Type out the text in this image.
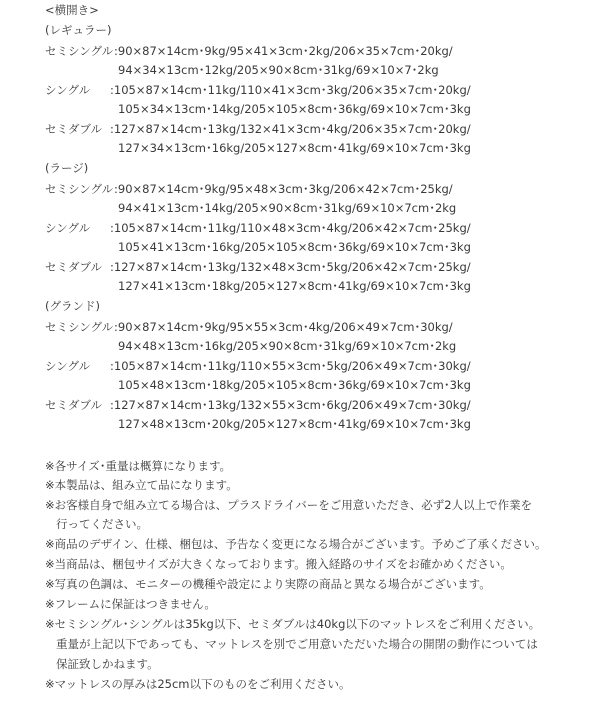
<横開き>
(レギュラー)
セミシングル :90×87×14cm･9kg/95×41×3cm･2kg/206×35×7cm･20kg/
94×34×13cm･12kg/205×90×8cm･31kg/69×10×7･2kg
シングル :105×87×14cm･11kg/110×41×3cm･3kg/206×35×7cm･20kg/
105×34×13cm･14kg/205×105×8cm･36kg/69×10×7cm･3kg
セミダブル :127×87×14cm･13kg/132×41×3cm･4kg/206×35×7cm･20kg/
127×34×13cm･16kg/205×127×8cm･41kg/69×10×7cm･3kg
(ラージ)
セミシングル :90×87×14cm･9kg/95×48×3cm･3kg/206×42×7cm･25kg/
94×41×13cm･14kg/205×90×8cm･31kg/69×10×7cm･2kg
シングル :105×87×14cm･11kg/110×48×3cm･4kg/206×42×7cm･25kg/
105×41×13cm･16kg/205×105×8cm･36kg/69×10×7cm･3kg
セミダブル :127×87×14cm･13kg/132×48×3cm･5kg/206×42×7cm･25kg/
127×41×13cm･18kg/205×127×8cm･41kg/69×10×7cm･3kg
(グランド)
セミシングル :90×87×14cm･9kg/95×55×3cm･4kg/206×49×7cm･30kg/
94×48×13cm･16kg/205×90×8cm･31kg/69×10×7cm･2kg
シングル :105×87×14cm･11kg/110×55×3cm･5kg/206×49×7cm･30kg/
105×48×13cm･18kg/205×105×8cm･36kg/69×10×7cm･3kg
セミダブル :127×87×14cm･13kg/132×55×3cm･6kg/206×49×7cm･30kg/
127×48×13cm･20kg/205×127×8cm･41kg/69×10×7cm･3kg
※各サイズ･重量は概算になります。
※本製品は、組み立て品になります。
※お客様自身で組み立てる場合は、プラスドライバーをご用意いただき、必ず2人以上で作業を
行ってください。
※商品のデザイン、仕様、梱包は、予告なく変更になる場合がございます。予めご了承ください。
※当商品は、梱包サイズが大きくなっております。搬入経路のサイズをお確かめください。
※写真の色調は、モニターの機種や設定により実際の商品と異なる場合がございます。
※フレームに保証はつきません。
※セミシングル･シングルは35kg以下、セミダブルは40kg以下のマットレスをご利用ください。
重量が上記以下であっても、マットレスを別でご用意いただいた場合の開閉の動作については
保証致しかねます。
※マットレスの厚みは25cm以下のものをご利用ください。
